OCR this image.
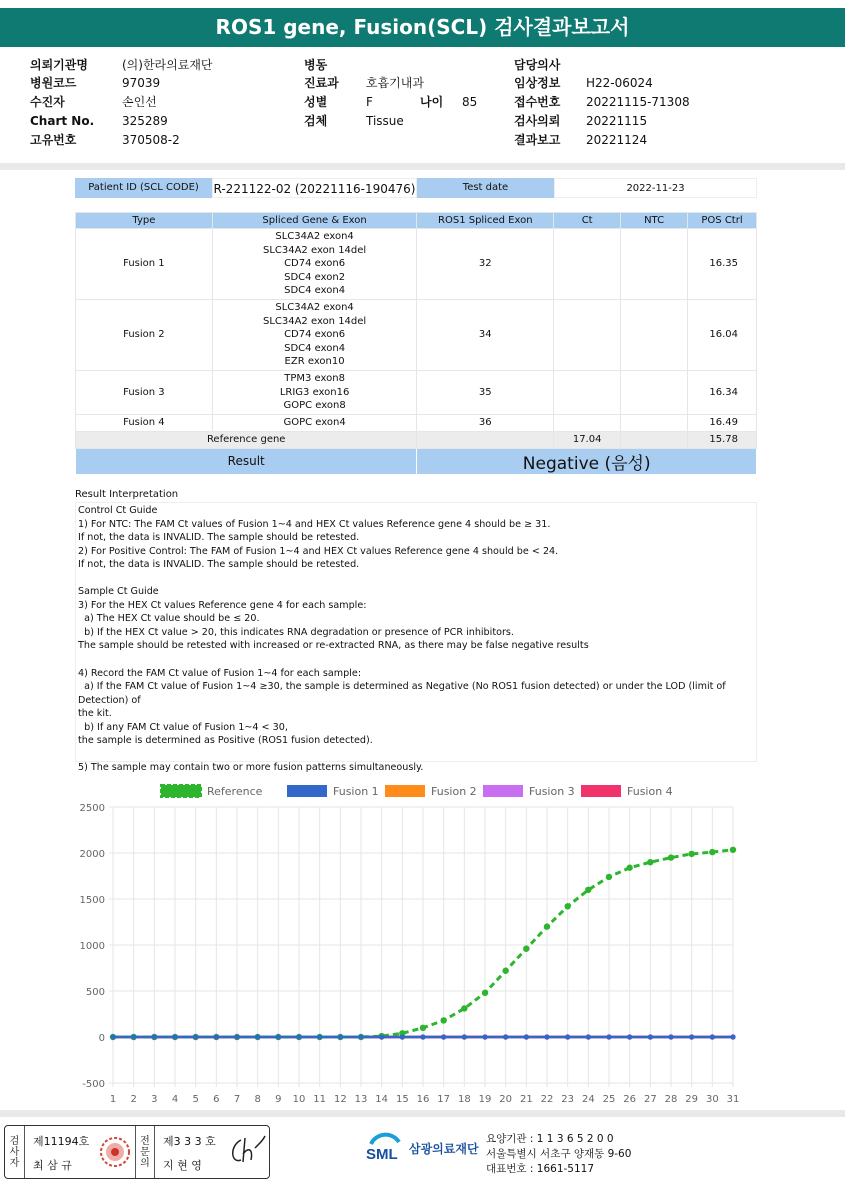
ROS1 gene, Fusion(SCL) 검사결과보고서
의뢰기관명	(의)한라의료재단
병원코드	97039
수진자	손인선
Chart No.	325289
고유번호	370508-2
병동
진료과	호흡기내과
성별	F	나이	85
검체	Tissue
담당의사
임상정보	H22-06024
접수번호	20221115-71308
검사의뢰	20221115
결과보고	20221124
Patient ID (SCL CODE)	R-221122-02 (20221116-190476)	Test date	2022-11-23
Type	Spliced Gene & Exon	ROS1 Spliced Exon	Ct	NTC	POS Ctrl
Fusion 1	SLC34A2 exon4
SLC34A2 exon 14del
CD74 exon6
SDC4 exon2
SDC4 exon4	32			16.35
Fusion 2	SLC34A2 exon4
SLC34A2 exon 14del
CD74 exon6
SDC4 exon4
EZR exon10	34			16.04
Fusion 3	TPM3 exon8
LRIG3 exon16
GOPC exon8	35			16.34
Fusion 4	GOPC exon4	36			16.49
Reference gene			17.04		15.78
Result		Negative (음성)			
Result Interpretation

Control Ct Guide

1) For NTC: The FAM Ct values of Fusion 1~4 and HEX Ct values Reference gene 4 should be ≥ 31.

If not, the data is INVALID. The sample should be retested.

2) For Positive Control: The FAM of Fusion 1~4 and HEX Ct values Reference gene 4 should be < 24.

If not, the data is INVALID. The sample should be retested.

Sample Ct Guide

3) For the HEX Ct values Reference gene 4 for each sample:

a) The HEX Ct value should be ≤ 20.

b) If the HEX Ct value > 20, this indicates RNA degradation or presence of PCR inhibitors.

The sample should be retested with increased or re-extracted RNA, as there may be false negative results

4) Record the FAM Ct value of Fusion 1~4 for each sample:

a) If the FAM Ct value of Fusion 1~4 ≥30, the sample is determined as Negative (No ROS1 fusion detected) or under the LOD (limit of Detection) of

the kit.

b) If any FAM Ct value of Fusion 1~4 < 30,

the sample is determined as Positive (ROS1 fusion detected).

5) The sample may contain two or more fusion patterns simultaneously.

1 2 3 4 5 6 7 8 9 10 11 12 13 14 15 16 17 18 19 20 21 22 23 24 25 26 27 28 29 30 31
-500
0
500
1000
1500
2000
2500
Reference	Fusion 1	Fusion 2	Fusion 3	Fusion 4
검
사
자
제11194호
최 삼 규
전
문
의
제3 3 3 호
지 현 영
SML 삼광의료재단
요양기관 : 1 1 3 6 5 2 0 0
서울특별시 서초구 양재동 9-60
대표번호 : 1661-5117
